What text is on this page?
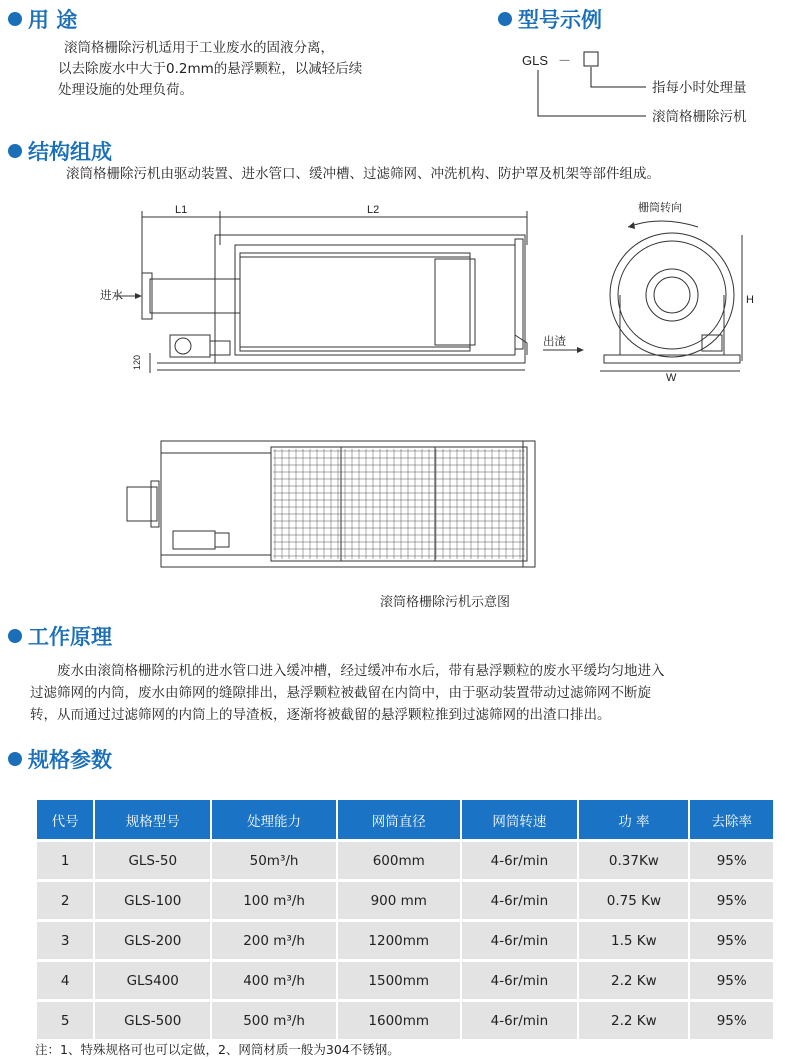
用 途

滚筒格栅除污机适用于工业废水的固液分离，

以去除废水中大于0.2mm的悬浮颗粒，以减轻后续

处理设施的处理负荷。

型号示例
GLS －
指每小时处理量
滚筒格栅除污机
结构组成
滚筒格栅除污机由驱动装置、进水管口、缓冲槽、过滤筛网、冲洗机构、防护罩及机架等部件组成。
L1	L2
进水
出渣
120
栅筒转向
H
W
滚筒格栅除污机示意图
工作原理

废水由滚筒格栅除污机的进水管口进入缓冲槽，经过缓冲布水后，带有悬浮颗粒的废水平缓均匀地进入

过滤筛网的内筒，废水由筛网的缝隙排出，悬浮颗粒被截留在内筒中，由于驱动装置带动过滤筛网不断旋

转，从而通过过滤筛网的内筒上的导渣板，逐渐将被截留的悬浮颗粒推到过滤筛网的出渣口排出。

规格参数
代号	规格型号	处理能力	网筒直径	网筒转速	功 率	去除率
1	GLS-50	50m³/h	600mm	4-6r/min	0.37Kw	95%
2	GLS-100	100 m³/h	900 mm	4-6r/min	0.75 Kw	95%
3	GLS-200	200 m³/h	1200mm	4-6r/min	1.5 Kw	95%
4	GLS400	400 m³/h	1500mm	4-6r/min	2.2 Kw	95%
5	GLS-500	500 m³/h	1600mm	4-6r/min	2.2 Kw	95%
注：1、特殊规格可也可以定做，2、网筒材质一般为304不锈钢。
